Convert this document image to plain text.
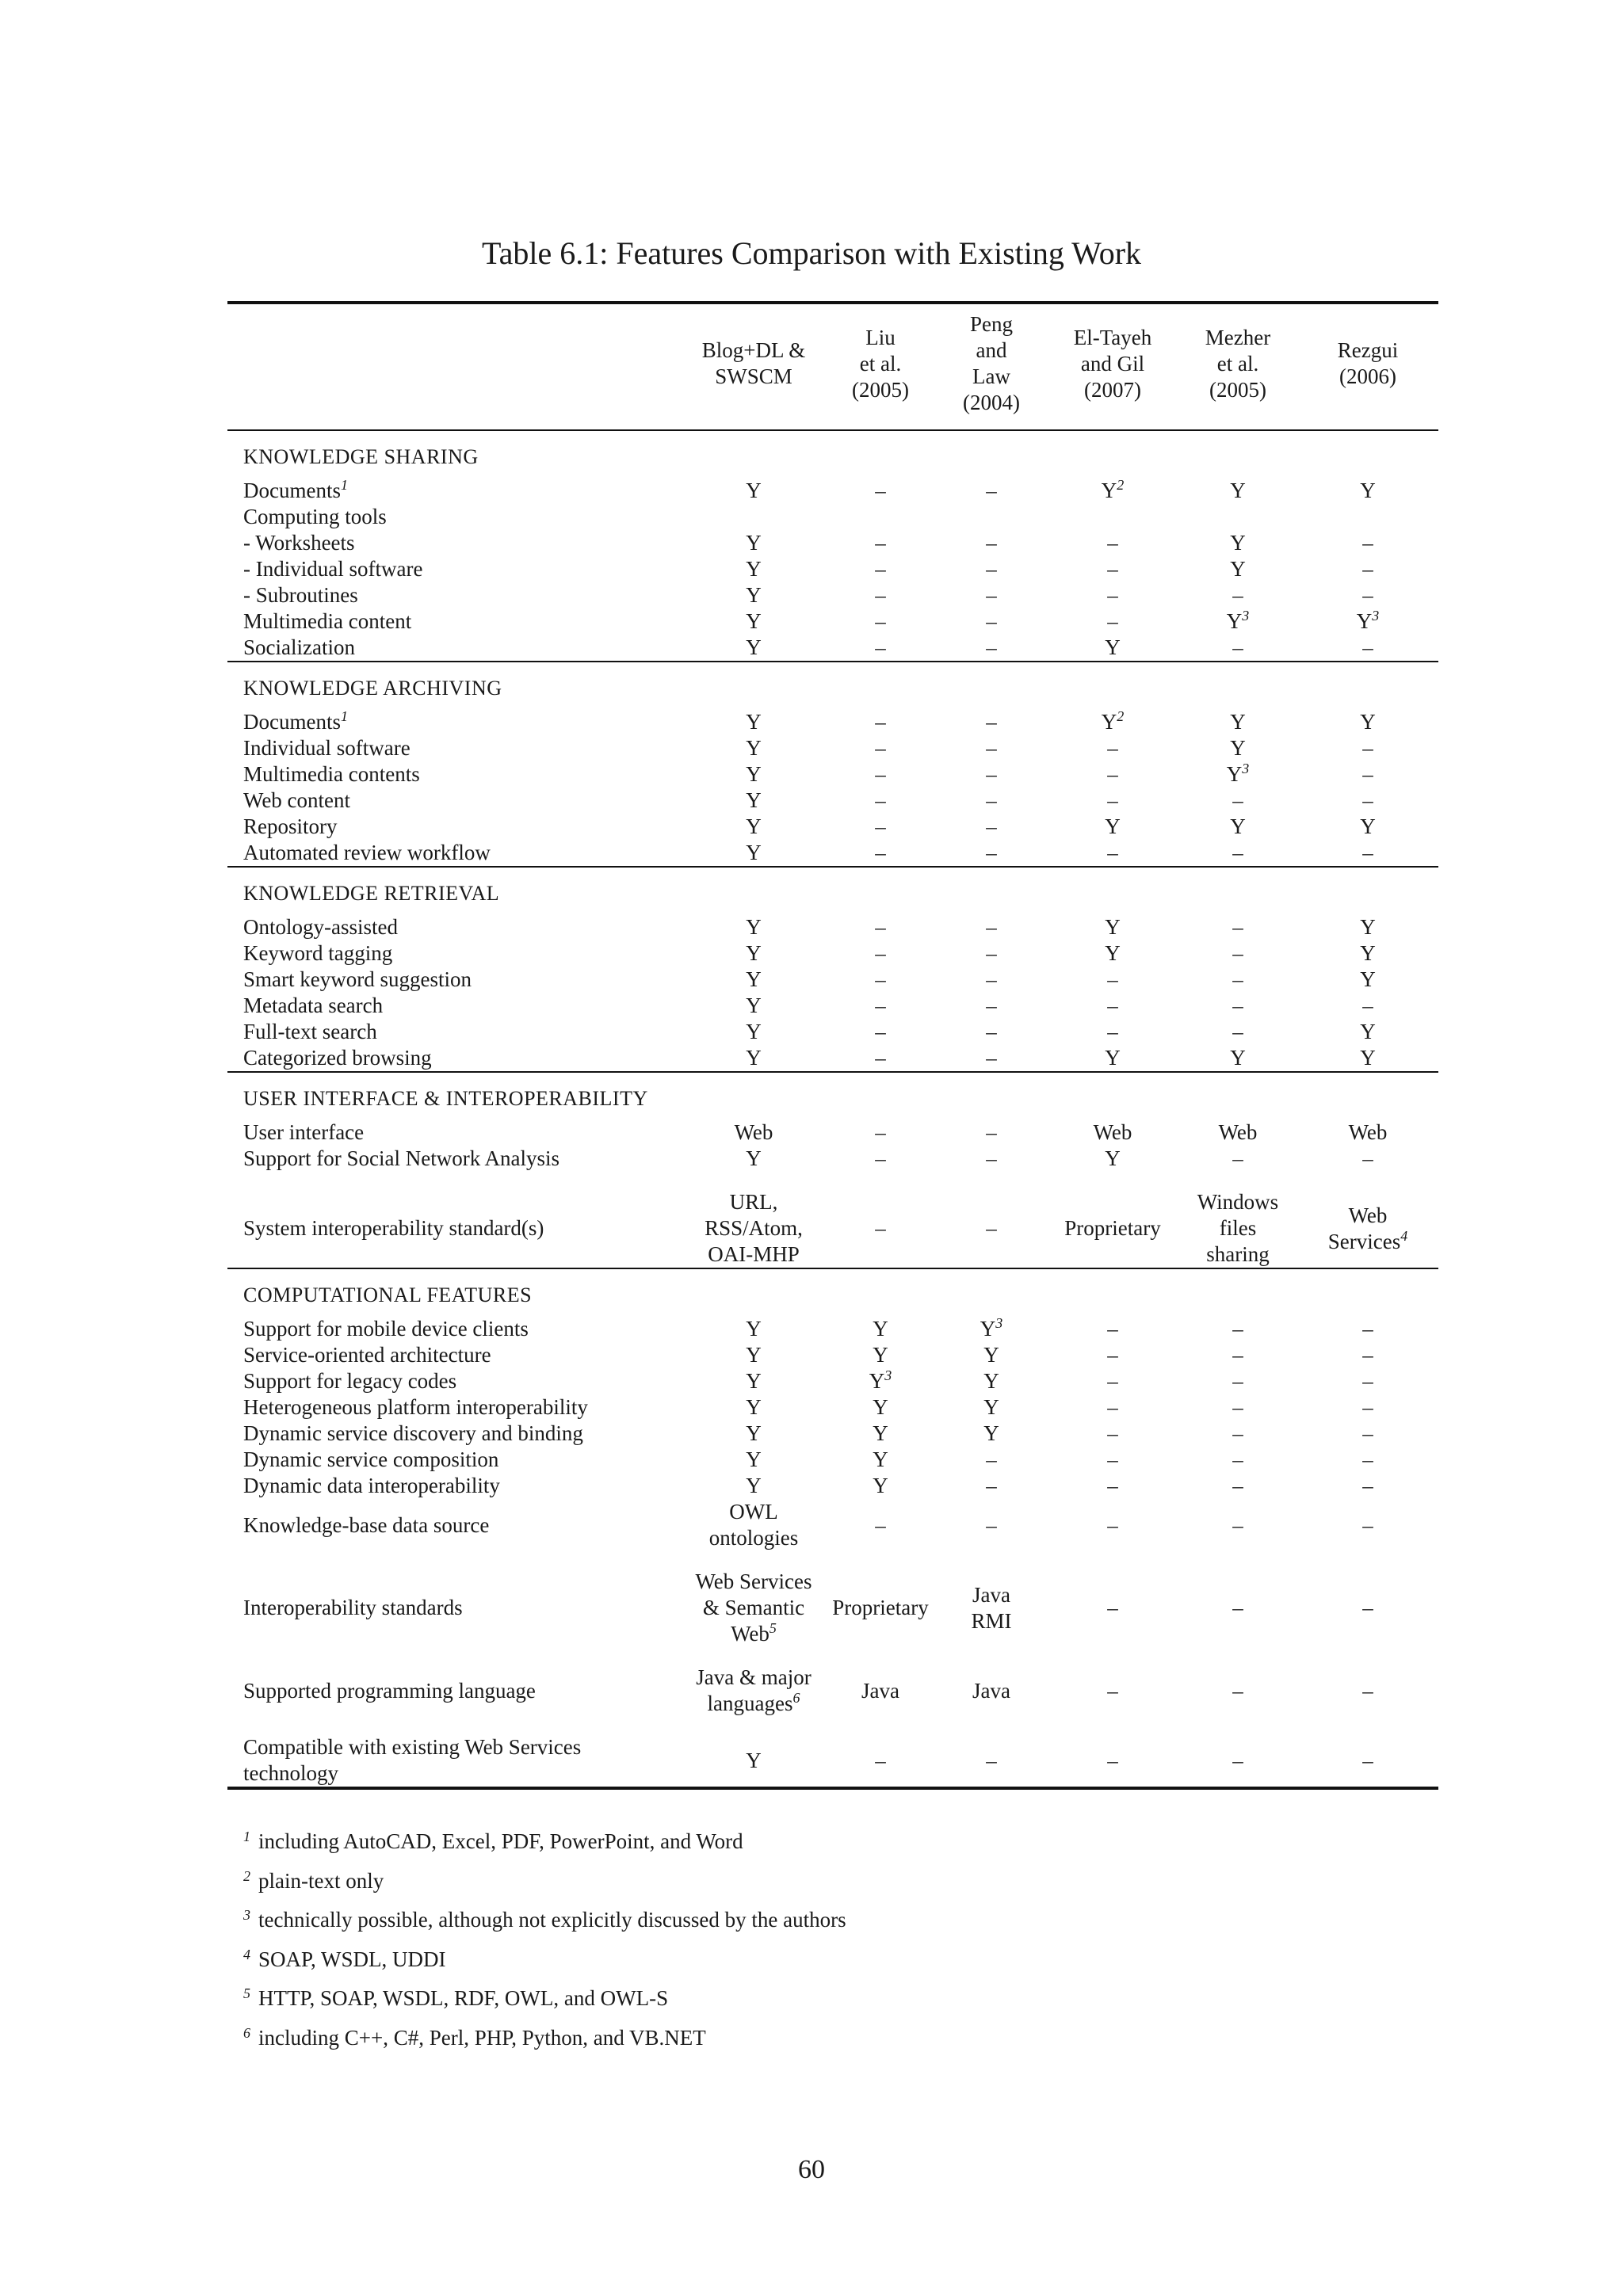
Table 6.1: Features Comparison with Existing Work
	Blog+DL &
SWSCM	Liu
et al.
(2005)	Peng
and
Law
(2004)	El-Tayeh
and Gil
(2007)	Mezher
et al.
(2005)	Rezgui
(2006)

KNOWLEDGE SHARING						
Documents$^1$	Y	–	–	$Y^2$	Y	Y
Computing tools						
- Worksheets	Y	–	–	–	Y	–
- Individual software	Y	–	–	–	Y	–
- Subroutines	Y	–	–	–	–	–
Multimedia content	Y	–	–	–	$Y^3$	$Y^3$
Socialization	Y	–	–	Y	–	–

KNOWLEDGE ARCHIVING						
Documents$^1$	Y	–	–	$Y^2$	Y	Y
Individual software	Y	–	–	–	Y	–
Multimedia contents	Y	–	–	–	$Y^3$	–
Web content	Y	–	–	–	–	–
Repository	Y	–	–	Y	Y	Y
Automated review workflow	Y	–	–	–	–	–

KNOWLEDGE RETRIEVAL						
Ontology-assisted	Y	–	–	Y	–	Y
Keyword tagging	Y	–	–	Y	–	Y
Smart keyword suggestion	Y	–	–	–	–	Y
Metadata search	Y	–	–	–	–	–
Full-text search	Y	–	–	–	–	Y
Categorized browsing	Y	–	–	Y	Y	Y

USER INTERFACE & INTEROPERABILITY						
User interface	Web	–	–	Web	Web	Web
Support for Social Network Analysis	Y	–	–	Y	–	–

System interoperability standard(s)	URL,
RSS/Atom,
OAI-MHP	–	–	Proprietary	Windows
files
sharing	Web
Services$^4$

COMPUTATIONAL FEATURES						
Support for mobile device clients	Y	Y	$Y^3$	–	–	–
Service-oriented architecture	Y	Y	Y	–	–	–
Support for legacy codes	Y	$Y^3$	Y	–	–	–
Heterogeneous platform interoperability	Y	Y	Y	–	–	–
Dynamic service discovery and binding	Y	Y	Y	–	–	–
Dynamic service composition	Y	Y	–	–	–	–
Dynamic data interoperability	Y	Y	–	–	–	–
Knowledge-base data source	OWL
ontologies	–	–	–	–	–

Interoperability standards	Web Services
& Semantic
Web$^5$	Proprietary	Java
RMI	–	–	–

Supported programming language	Java & major
languages$^6$	Java	Java	–	–	–

Compatible with existing Web Services
technology	Y	–	–	–	–	–

$^1$ including AutoCAD, Excel, PDF, PowerPoint, and Word
$^2$ plain-text only
$^3$ technically possible, although not explicitly discussed by the authors
$^4$ SOAP, WSDL, UDDI
$^5$ HTTP, SOAP, WSDL, RDF, OWL, and OWL-S
$^6$ including C++, C#, Perl, PHP, Python, and VB.NET
60
